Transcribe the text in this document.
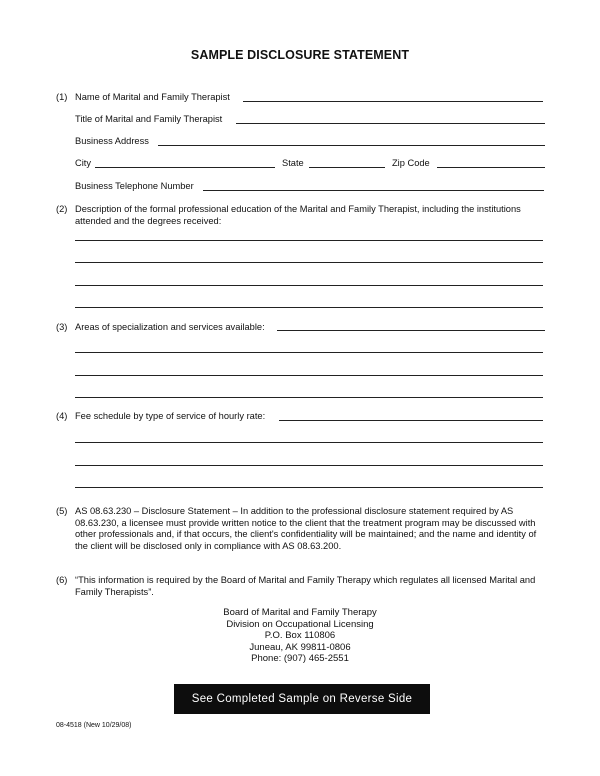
SAMPLE DISCLOSURE STATEMENT
(1) Name of Marital and Family Therapist
Title of Marital and Family Therapist
Business Address
City	State	Zip Code
Business Telephone Number
(2) Description of the formal professional education of the Marital and Family Therapist, including the institutions attended and the degrees received:
(3) Areas of specialization and services available:
(4) Fee schedule by type of service of hourly rate:
(5) AS 08.63.230 – Disclosure Statement – In addition to the professional disclosure statement required by AS 08.63.230, a licensee must provide written notice to the client that the treatment program may be discussed with other professionals and, if that occurs, the client's confidentiality will be maintained; and the name and identity of the client will be disclosed only in compliance with AS 08.63.200.
(6) “This information is required by the Board of Marital and Family Therapy which regulates all licensed Marital and Family Therapists”.
Board of Marital and Family Therapy
Division on Occupational Licensing
P.O. Box 110806
Juneau, AK 99811-0806
Phone: (907) 465-2551
See Completed Sample on Reverse Side
08-4518 (New 10/29/08)
